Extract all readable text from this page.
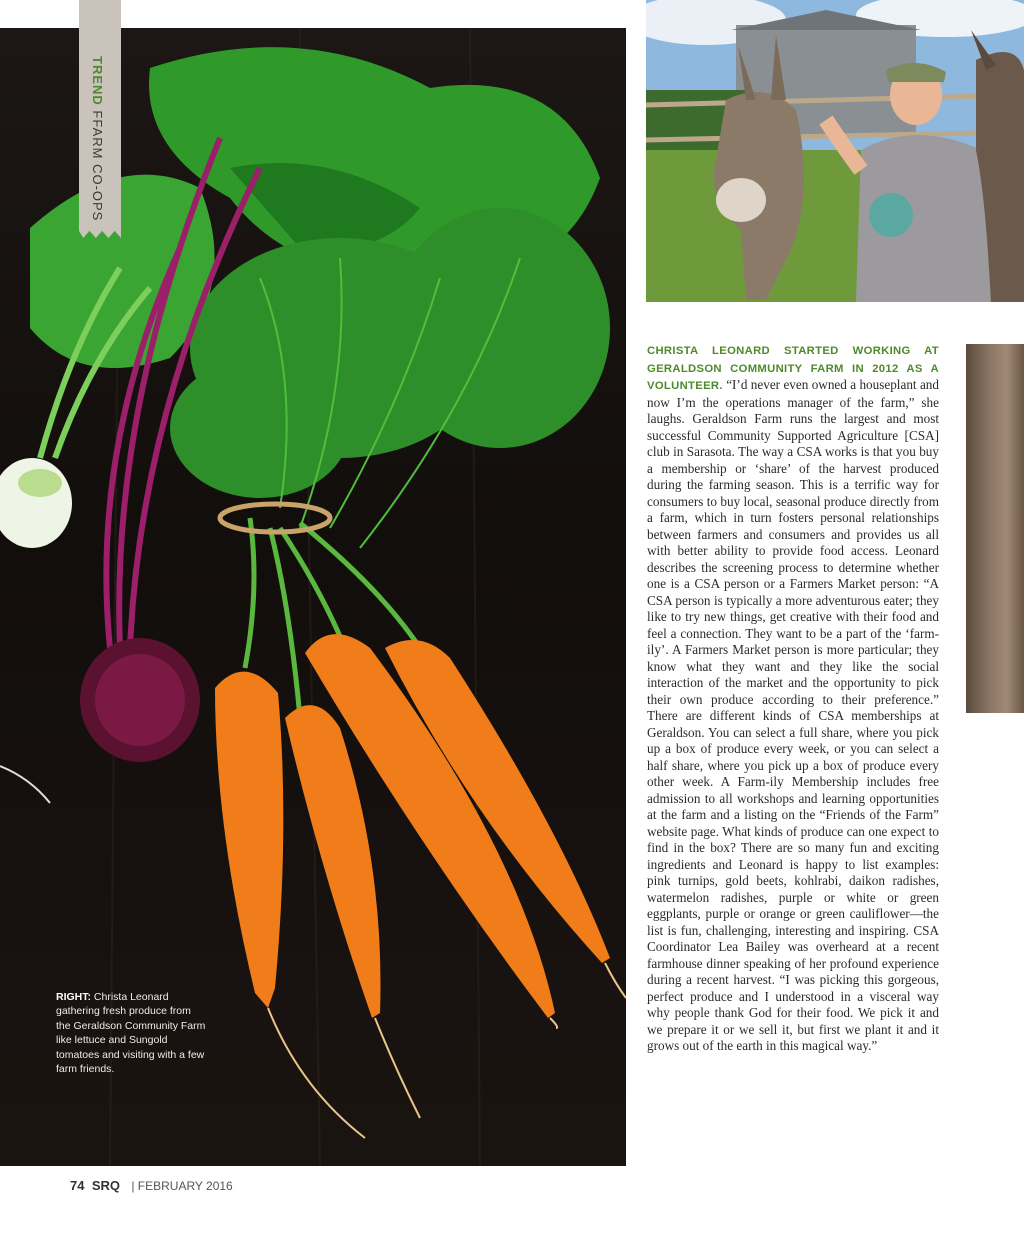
TREND FFARM CO-OPS
CHRISTA LEONARD STARTED WORKING AT GERALDSON COMMUNITY FARM IN 2012 AS A VOLUNTEER. “I’d never even owned a houseplant and now I’m the operations manager of the farm,” she laughs. Geraldson Farm runs the largest and most successful Community Supported Agriculture [CSA] club in Sarasota. The way a CSA works is that you buy a membership or ‘share’ of the harvest produced during the farming season. This is a terrific way for consumers to buy local, seasonal produce directly from a farm, which in turn fosters personal relationships between farmers and consumers and provides us all with better ability to provide food access. Leonard describes the screening process to determine whether one is a CSA person or a Farmers Market person: “A CSA person is typically a more adventurous eater; they like to try new things, get creative with their food and feel a connection. They want to be a part of the ‘farm-ily’. A Farmers Market person is more particular; they know what they want and they like the social interaction of the market and the opportunity to pick their own produce according to their preference.” There are different kinds of CSA memberships at Geraldson. You can select a full share, where you pick up a box of produce every week, or you can select a half share, where you pick up a box of produce every other week. A Farm-ily Membership includes free admission to all workshops and learning opportunities at the farm and a listing on the “Friends of the Farm” website page. What kinds of produce can one expect to find in the box? There are so many fun and exciting ingredients and Leonard is happy to list examples: pink turnips, gold beets, kohlrabi, daikon radishes, watermelon radishes, purple or white or green eggplants, purple or orange or green cauliflower—the list is fun, challenging, interesting and inspiring. CSA Coordinator Lea Bailey was overheard at a recent farmhouse dinner speaking of her profound experience during a recent harvest. “I was picking this gorgeous, perfect produce and I understood in a visceral way why people thank God for their food. We pick it and we prepare it or we sell it, but first we plant it and it grows out of the earth in this magical way.”
RIGHT: Christa Leonard gathering fresh produce from the Geraldson Community Farm like lettuce and Sungold tomatoes and visiting with a few farm friends.
74 SRQ | FEBRUARY 2016
